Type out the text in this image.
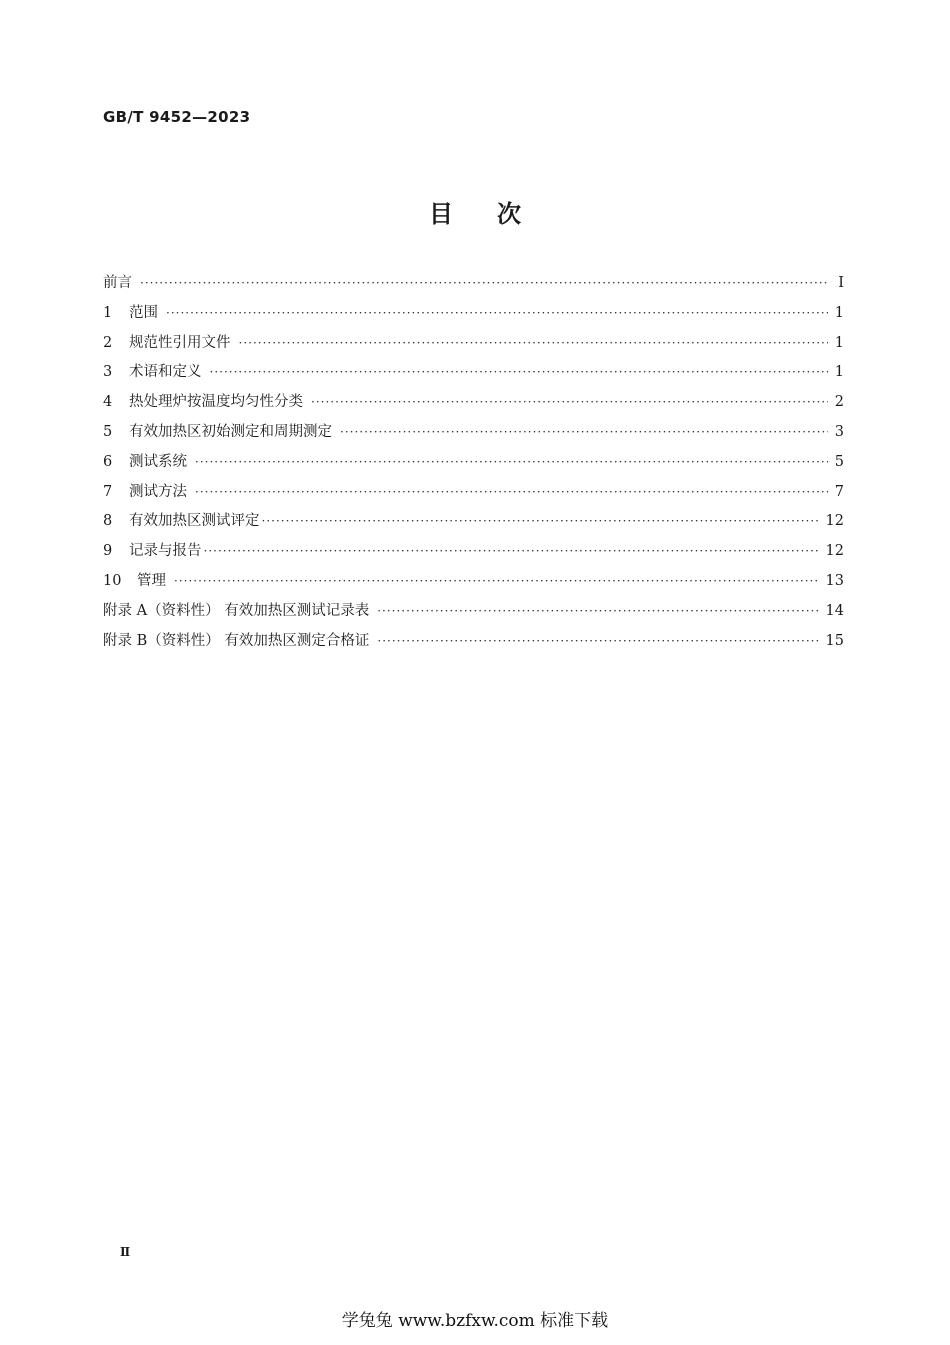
GB/T 9452—2023
目次
前言 ·····	Ⅰ
1	范围 ·····	1
2	规范性引用文件 ·····	1
3	术语和定义 ·····	1
4	热处理炉按温度均匀性分类 ·····	2
5	有效加热区初始测定和周期测定 ·····	3
6	测试系统 ·····	5
7	测试方法 ·····	7
8	有效加热区测试评定 ·····	12
9	记录与报告 ·····	12
10	管理 ·····	13
附录 A（资料性） 有效加热区测试记录表 ·····	14
附录 B（资料性） 有效加热区测定合格证 ·····	15
Ⅱ
学兔兔 www.bzfxw.com 标准下载
